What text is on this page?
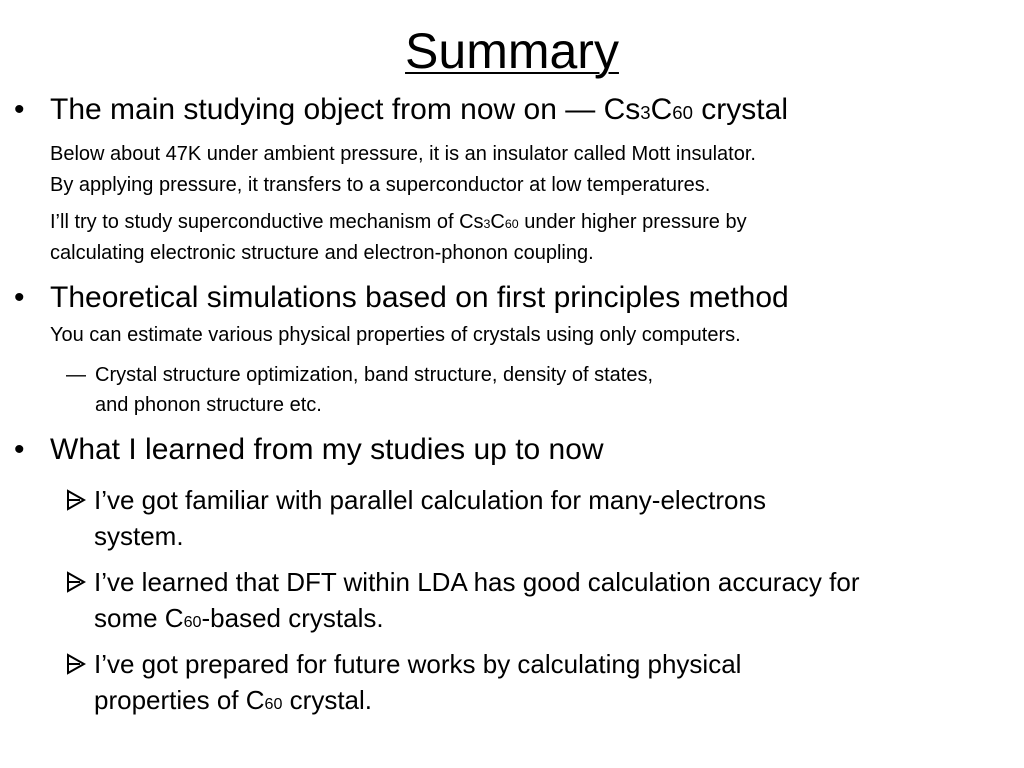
Summary
• The main studying object from now on — Cs3C60 crystal
Below about 47K under ambient pressure, it is an insulator called Mott insulator.
By applying pressure, it transfers to a superconductor at low temperatures.
I’ll try to study superconductive mechanism of Cs3C60 under higher pressure by
calculating electronic structure and electron-phonon coupling.
• Theoretical simulations based on first principles method
You can estimate various physical properties of crystals using only computers.
— Crystal structure optimization, band structure, density of states,
and phonon structure etc.
• What I learned from my studies up to now
I’ve got familiar with parallel calculation for many-electrons
system.
I’ve learned that DFT within LDA has good calculation accuracy for
some C60-based crystals.
I’ve got prepared for future works by calculating physical
properties of C60 crystal.
